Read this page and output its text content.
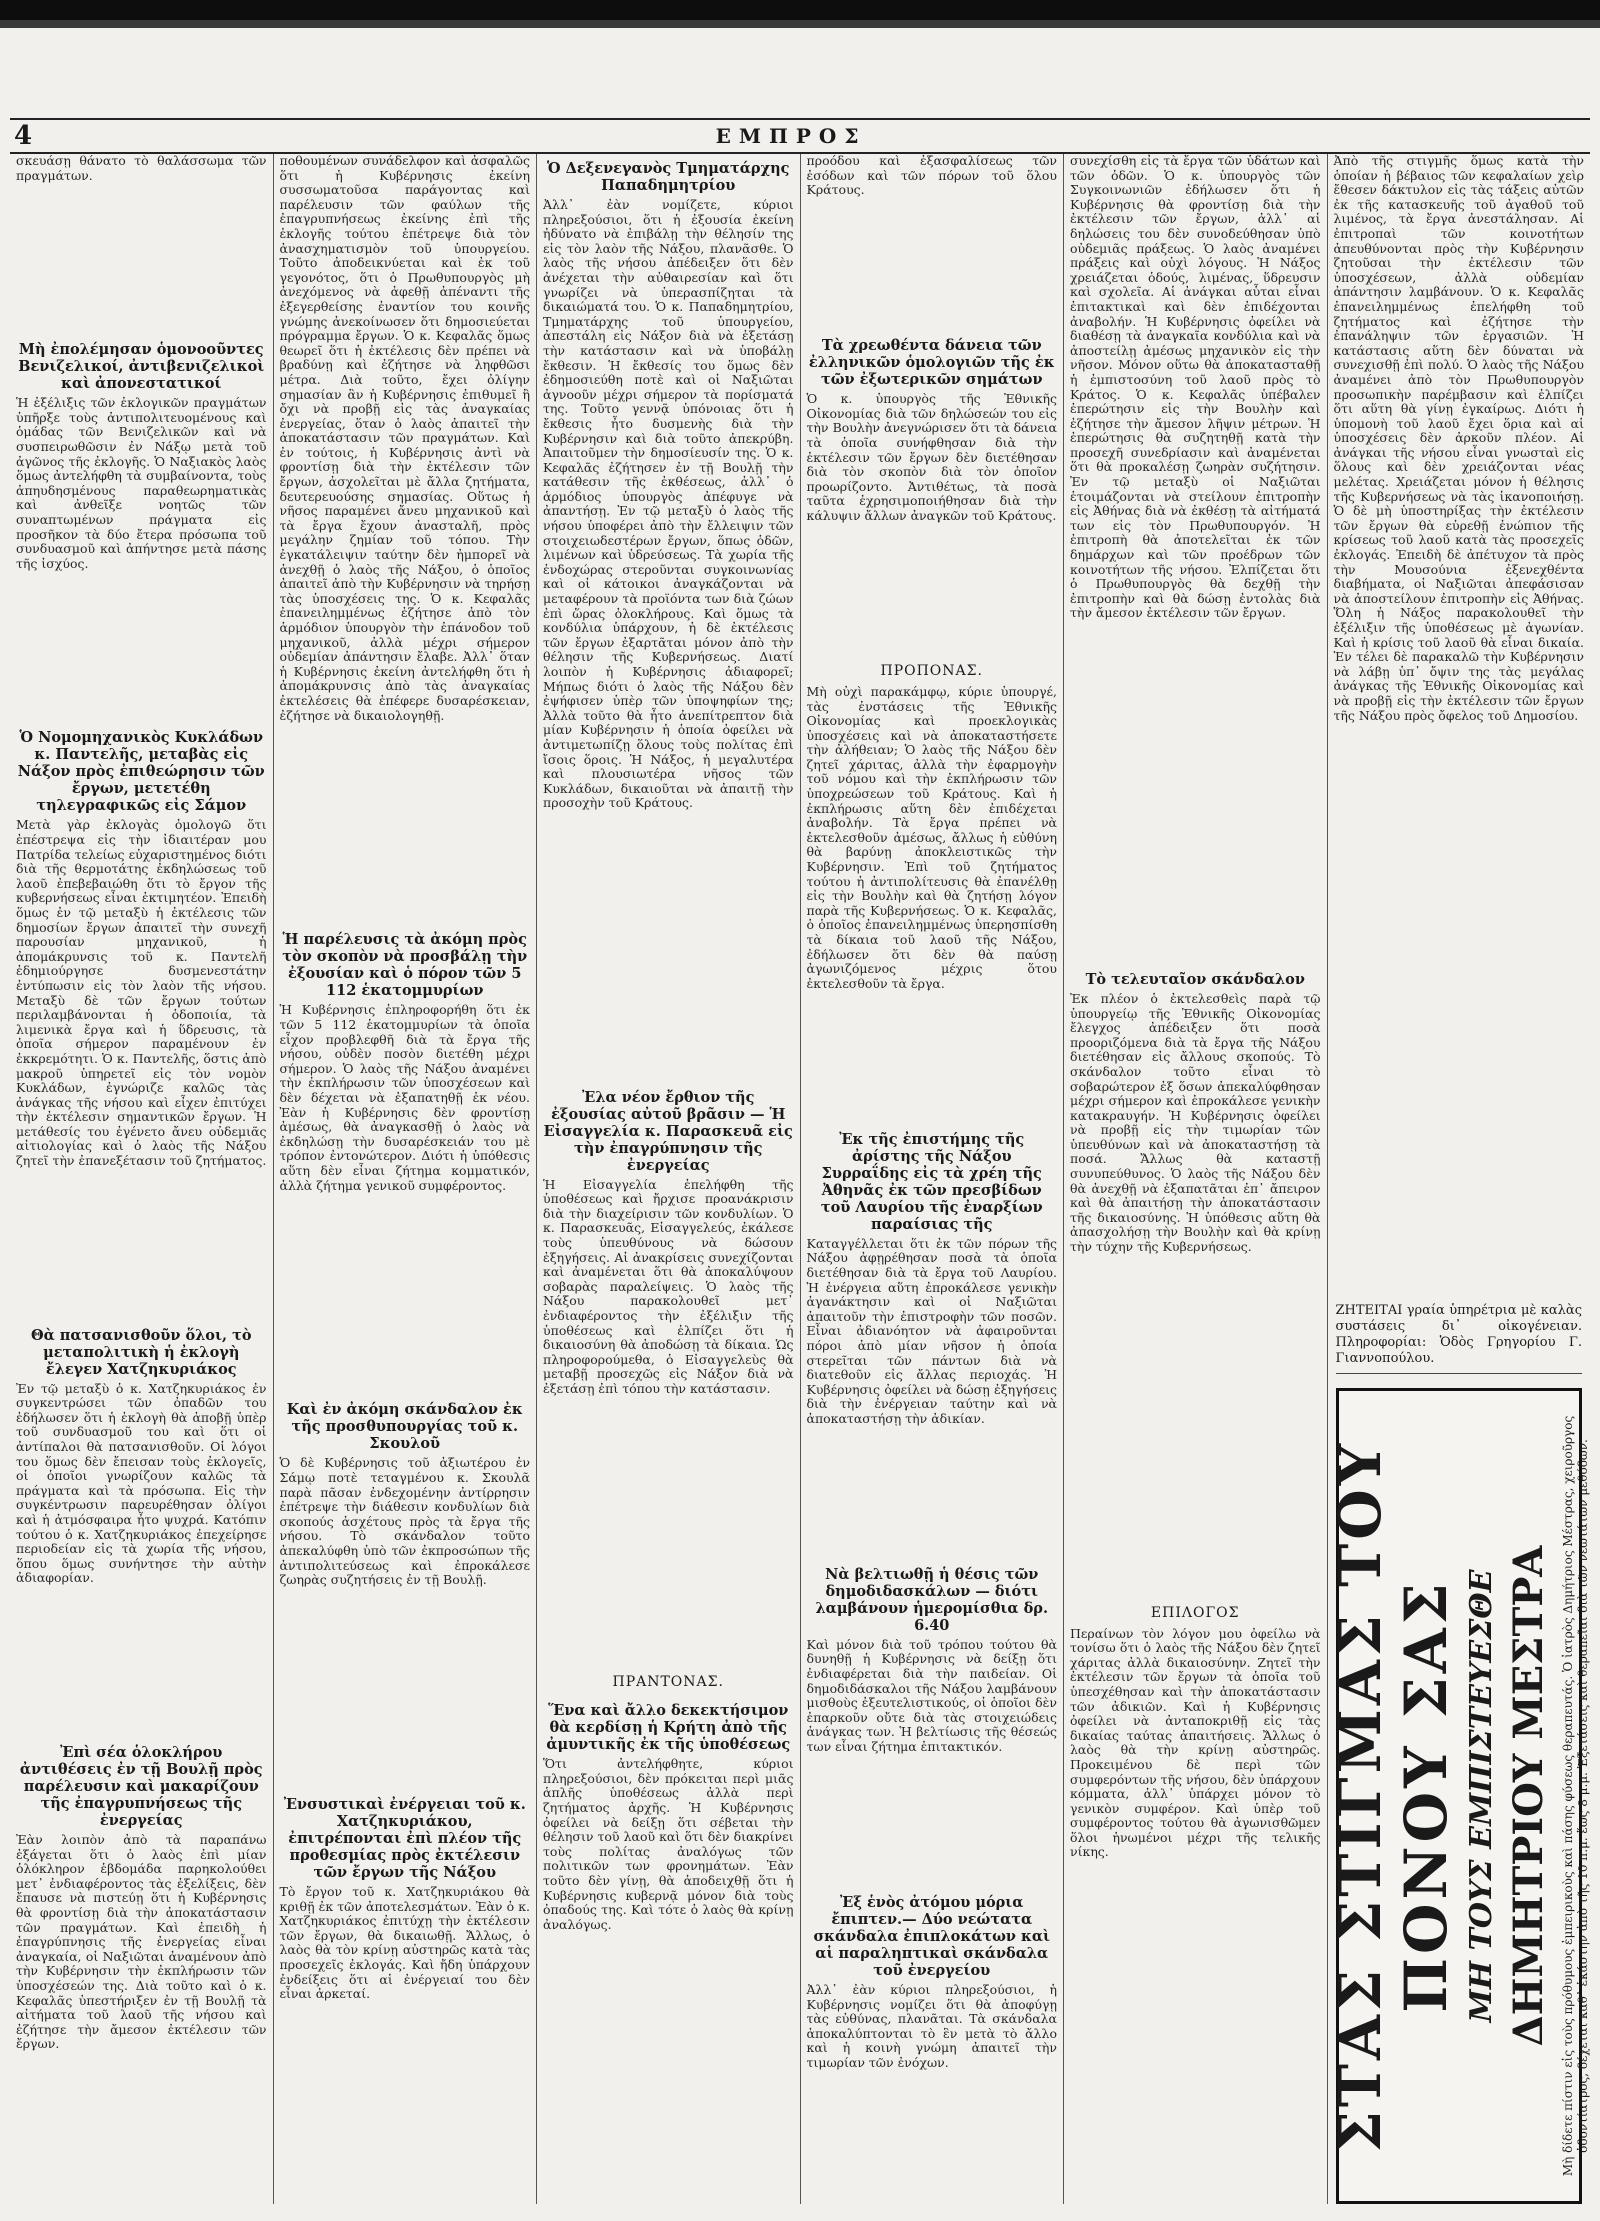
4	ΕΜΠΡΟΣ

σκευάσῃ θάνατο τὸ θαλάσσωμα τῶν πραγμάτων.

Μὴ ἐπολέμησαν ὁμονοοῦντες Βενιζελικοί, ἀντιβενιζελικοὶ καὶ ἀπονεστατικοί

Ἡ ἐξέλιξις τῶν ἐκλογικῶν πραγμάτων ὑπῆρξε τοὺς ἀντιπολιτευομένους καὶ ὁμάδας τῶν Βενιζελικῶν καὶ νὰ συσπειρωθῶσιν ἐν Νάξῳ μετὰ τοῦ ἀγῶνος τῆς ἐκλογῆς. Ὁ Ναξιακὸς λαὸς ὅμως ἀντελήφθη τὰ συμβαίνοντα, τοὺς ἀπηυδησμένους παραθεωρηματικὰς καὶ ἀνθεῖξε νοητῶς τῶν συναπτωμένων πράγματα εἰς προσῆκον τὰ δύο ἔτερα πρόσωπα τοῦ συνδυασμοῦ καὶ ἀπήντησε μετὰ πάσης τῆς ἰσχύος.

Ὁ Νομομηχανικὸς Κυκλάδων κ. Παντελῆς, μεταβὰς εἰς Νάξον πρὸς ἐπιθεώρησιν τῶν ἔργων, μετετέθη τηλεγραφικῶς εἰς Σάμον

Μετὰ γὰρ ἐκλογὰς ὁμολογῶ ὅτι ἐπέστρεψα εἰς τὴν ἰδιαιτέραν μου Πατρίδα τελείως εὐχαριστημένος διότι διὰ τῆς θερμοτάτης ἐκδηλώσεως τοῦ λαοῦ ἐπεβεβαιώθη ὅτι τὸ ἔργον τῆς κυβερνήσεως εἶναι ἐκτιμητέον. Ἐπειδὴ ὅμως ἐν τῷ μεταξὺ ἡ ἐκτέλεσις τῶν δημοσίων ἔργων ἀπαιτεῖ τὴν συνεχῆ παρουσίαν μηχανικοῦ, ἡ ἀπομάκρυνσις τοῦ κ. Παντελῆ ἐδημιούργησε δυσμενεστάτην ἐντύπωσιν εἰς τὸν λαὸν τῆς νήσου. Μεταξὺ δὲ τῶν ἔργων τούτων περιλαμβάνονται ἡ ὁδοποιία, τὰ λιμενικὰ ἔργα καὶ ἡ ὕδρευσις, τὰ ὁποῖα σήμερον παραμένουν ἐν ἐκκρεμότητι. Ὁ κ. Παντελῆς, ὅστις ἀπὸ μακροῦ ὑπηρετεῖ εἰς τὸν νομὸν Κυκλάδων, ἐγνώριζε καλῶς τὰς ἀνάγκας τῆς νήσου καὶ εἶχεν ἐπιτύχει τὴν ἐκτέλεσιν σημαντικῶν ἔργων. Ἡ μετάθεσίς του ἐγένετο ἄνευ οὐδεμιᾶς αἰτιολογίας καὶ ὁ λαὸς τῆς Νάξου ζητεῖ τὴν ἐπανεξέτασιν τοῦ ζητήματος.

Θὰ πατσανισθοῦν ὅλοι, τὸ μεταπολιτικὴ ἡ ἐκλογὴ ἔλεγεν Χατζηκυριάκος

Ἐν τῷ μεταξὺ ὁ κ. Χατζηκυριάκος ἐν συγκεντρώσει τῶν ὀπαδῶν του ἐδήλωσεν ὅτι ἡ ἐκλογὴ θὰ ἀποβῇ ὑπὲρ τοῦ συνδυασμοῦ του καὶ ὅτι οἱ ἀντίπαλοι θὰ πατσανισθοῦν. Οἱ λόγοι του ὅμως δὲν ἔπεισαν τοὺς ἐκλογεῖς, οἱ ὁποῖοι γνωρίζουν καλῶς τὰ πράγματα καὶ τὰ πρόσωπα. Εἰς τὴν συγκέντρωσιν παρευρέθησαν ὀλίγοι καὶ ἡ ἀτμόσφαιρα ἦτο ψυχρά. Κατόπιν τούτου ὁ κ. Χατζηκυριάκος ἐπεχείρησε περιοδείαν εἰς τὰ χωρία τῆς νήσου, ὅπου ὅμως συνήντησε τὴν αὐτὴν ἀδιαφορίαν.

Ἐπὶ σέα ὁλοκλήρου ἀντιθέσεις ἐν τῇ Βουλῇ πρὸς παρέλευσιν καὶ μακαρίζουν τῆς ἐπαγρυπνήσεως τῆς ἐνεργείας

Ἐὰν λοιπὸν ἀπὸ τὰ παραπάνω ἐξάγεται ὅτι ὁ λαὸς ἐπὶ μίαν ὁλόκληρον ἑβδομάδα παρηκολούθει μετ᾿ ἐνδιαφέροντος τὰς ἐξελίξεις, δὲν ἔπαυσε νὰ πιστεύῃ ὅτι ἡ Κυβέρνησις θὰ φροντίσῃ διὰ τὴν ἀποκατάστασιν τῶν πραγμάτων. Καὶ ἐπειδὴ ἡ ἐπαγρύπνησις τῆς ἐνεργείας εἶναι ἀναγκαία, οἱ Ναξιῶται ἀναμένουν ἀπὸ τὴν Κυβέρνησιν τὴν ἐκπλήρωσιν τῶν ὑποσχέσεών της. Διὰ τοῦτο καὶ ὁ κ. Κεφαλᾶς ὑπεστήριξεν ἐν τῇ Βουλῇ τὰ αἰτήματα τοῦ λαοῦ τῆς νήσου καὶ ἐζήτησε τὴν ἄμεσον ἐκτέλεσιν τῶν ἔργων.

ποθουμένων συνάδελφον καὶ ἀσφαλῶς ὅτι ἡ Κυβέρνησις ἐκείνη συσσωματοῦσα παράγοντας καὶ παρέλευσιν τῶν φαύλων τῆς ἐπαγρυπνήσεως ἐκείνης ἐπὶ τῆς ἐκλογῆς τούτου ἐπέτρεψε διὰ τὸν ἀνασχηματισμὸν τοῦ ὑπουργείου. Τοῦτο ἀποδεικνύεται καὶ ἐκ τοῦ γεγονότος, ὅτι ὁ Πρωθυπουργὸς μὴ ἀνεχόμενος νὰ ἀφεθῇ ἀπέναντι τῆς ἐξεγερθείσης ἐναντίον του κοινῆς γνώμης ἀνεκοίνωσεν ὅτι δημοσιεύεται πρόγραμμα ἔργων. Ὁ κ. Κεφαλᾶς ὅμως θεωρεῖ ὅτι ἡ ἐκτέλεσις δὲν πρέπει νὰ βραδύνῃ καὶ ἐζήτησε νὰ ληφθῶσι μέτρα. Διὰ τοῦτο, ἔχει ὀλίγην σημασίαν ἂν ἡ Κυβέρνησις ἐπιθυμεῖ ἢ ὄχι νὰ προβῇ εἰς τὰς ἀναγκαίας ἐνεργείας, ὅταν ὁ λαὸς ἀπαιτεῖ τὴν ἀποκατάστασιν τῶν πραγμάτων. Καὶ ἐν τούτοις, ἡ Κυβέρνησις ἀντὶ νὰ φροντίσῃ διὰ τὴν ἐκτέλεσιν τῶν ἔργων, ἀσχολεῖται μὲ ἄλλα ζητήματα, δευτερευούσης σημασίας. Οὕτως ἡ νῆσος παραμένει ἄνευ μηχανικοῦ καὶ τὰ ἔργα ἔχουν ἀνασταλῆ, πρὸς μεγάλην ζημίαν τοῦ τόπου. Τὴν ἐγκατάλειψιν ταύτην δὲν ἠμπορεῖ νὰ ἀνεχθῇ ὁ λαὸς τῆς Νάξου, ὁ ὁποῖος ἀπαιτεῖ ἀπὸ τὴν Κυβέρνησιν νὰ τηρήσῃ τὰς ὑποσχέσεις της. Ὁ κ. Κεφαλᾶς ἐπανειλημμένως ἐζήτησε ἀπὸ τὸν ἁρμόδιον ὑπουργὸν τὴν ἐπάνοδον τοῦ μηχανικοῦ, ἀλλὰ μέχρι σήμερον οὐδεμίαν ἀπάντησιν ἔλαβε. Ἀλλ᾿ ὅταν ἡ Κυβέρνησις ἐκείνη ἀντελήφθη ὅτι ἡ ἀπομάκρυνσις ἀπὸ τὰς ἀναγκαίας ἐκτελέσεις θὰ ἐπέφερε δυσαρέσκειαν, ἐζήτησε νὰ δικαιολογηθῇ.

Ἡ παρέλευσις τὰ ἀκόμη πρὸς τὸν σκοπὸν νὰ προσβάλῃ τὴν ἐξουσίαν καὶ ὁ πόρον τῶν 5 112 ἑκατομμυρίων

Ἡ Κυβέρνησις ἐπληροφορήθη ὅτι ἐκ τῶν 5 112 ἑκατομμυρίων τὰ ὁποῖα εἶχον προβλεφθῆ διὰ τὰ ἔργα τῆς νήσου, οὐδὲν ποσὸν διετέθη μέχρι σήμερον. Ὁ λαὸς τῆς Νάξου ἀναμένει τὴν ἐκπλήρωσιν τῶν ὑποσχέσεων καὶ δὲν δέχεται νὰ ἐξαπατηθῇ ἐκ νέου. Ἐὰν ἡ Κυβέρνησις δὲν φροντίσῃ ἀμέσως, θὰ ἀναγκασθῇ ὁ λαὸς νὰ ἐκδηλώσῃ τὴν δυσαρέσκειάν του μὲ τρόπον ἐντονώτερον. Διότι ἡ ὑπόθεσις αὕτη δὲν εἶναι ζήτημα κομματικόν, ἀλλὰ ζήτημα γενικοῦ συμφέροντος.

Καὶ ἐν ἀκόμη σκάνδαλον ἐκ τῆς προσθυπουργίας τοῦ κ. Σκουλοῦ

Ὁ δὲ Κυβέρνησις τοῦ ἀξιωτέρου ἐν Σάμῳ ποτὲ τεταγμένου κ. Σκουλᾶ παρὰ πᾶσαν ἐνδεχομένην ἀντίρρησιν ἐπέτρεψε τὴν διάθεσιν κονδυλίων διὰ σκοπούς ἀσχέτους πρὸς τὰ ἔργα τῆς νήσου. Τὸ σκάνδαλον τοῦτο ἀπεκαλύφθη ὑπὸ τῶν ἐκπροσώπων τῆς ἀντιπολιτεύσεως καὶ ἐπροκάλεσε ζωηρὰς συζητήσεις ἐν τῇ Βουλῇ.

Ἐνσυστικαὶ ἐνέργειαι τοῦ κ. Χατζηκυριάκου, ἐπιτρέπονται ἐπὶ πλέον τῆς προθεσμίας πρὸς ἐκτέλεσιν τῶν ἔργων τῆς Νάξου

Τὸ ἔργον τοῦ κ. Χατζηκυριάκου θὰ κριθῇ ἐκ τῶν ἀποτελεσμάτων. Ἐὰν ὁ κ. Χατζηκυριάκος ἐπιτύχῃ τὴν ἐκτέλεσιν τῶν ἔργων, θὰ δικαιωθῇ. Ἄλλως, ὁ λαὸς θὰ τὸν κρίνῃ αὐστηρῶς κατὰ τὰς προσεχεῖς ἐκλογάς. Καὶ ἤδη ὑπάρχουν ἐνδείξεις ὅτι αἱ ἐνέργειαί του δὲν εἶναι ἀρκεταί.

Ὁ Δεξενεγανὸς Τμηματάρχης Παπαδημητρίου

Ἀλλ᾿ ἐὰν νομίζετε, κύριοι πληρεξούσιοι, ὅτι ἡ ἐξουσία ἐκείνη ἠδύνατο νὰ ἐπιβάλῃ τὴν θέλησίν της εἰς τὸν λαὸν τῆς Νάξου, πλανᾶσθε. Ὁ λαὸς τῆς νήσου ἀπέδειξεν ὅτι δὲν ἀνέχεται τὴν αὐθαιρεσίαν καὶ ὅτι γνωρίζει νὰ ὑπερασπίζηται τὰ δικαιώματά του. Ὁ κ. Παπαδημητρίου, Τμηματάρχης τοῦ ὑπουργείου, ἀπεστάλη εἰς Νάξον διὰ νὰ ἐξετάσῃ τὴν κατάστασιν καὶ νὰ ὑποβάλῃ ἔκθεσιν. Ἡ ἔκθεσίς του ὅμως δὲν ἐδημοσιεύθη ποτὲ καὶ οἱ Ναξιῶται ἀγνοοῦν μέχρι σήμερον τὰ πορίσματά της. Τοῦτο γεννᾷ ὑπόνοιας ὅτι ἡ ἔκθεσις ἦτο δυσμενὴς διὰ τὴν Κυβέρνησιν καὶ διὰ τοῦτο ἀπεκρύβη. Ἀπαιτοῦμεν τὴν δημοσίευσίν της. Ὁ κ. Κεφαλᾶς ἐζήτησεν ἐν τῇ Βουλῇ τὴν κατάθεσιν τῆς ἐκθέσεως, ἀλλ᾿ ὁ ἁρμόδιος ὑπουργὸς ἀπέφυγε νὰ ἀπαντήσῃ. Ἐν τῷ μεταξὺ ὁ λαὸς τῆς νήσου ὑποφέρει ἀπὸ τὴν ἔλλειψιν τῶν στοιχειωδεστέρων ἔργων, ὅπως ὁδῶν, λιμένων καὶ ὑδρεύσεως. Τὰ χωρία τῆς ἐνδοχώρας στεροῦνται συγκοινωνίας καὶ οἱ κάτοικοι ἀναγκάζονται νὰ μεταφέρουν τὰ προϊόντα των διὰ ζώων ἐπὶ ὥρας ὁλοκλήρους. Καὶ ὅμως τὰ κονδύλια ὑπάρχουν, ἡ δὲ ἐκτέλεσις τῶν ἔργων ἐξαρτᾶται μόνον ἀπὸ τὴν θέλησιν τῆς Κυβερνήσεως. Διατί λοιπὸν ἡ Κυβέρνησις ἀδιαφορεῖ; Μήπως διότι ὁ λαὸς τῆς Νάξου δὲν ἐψήφισεν ὑπὲρ τῶν ὑποψηφίων της; Ἀλλὰ τοῦτο θὰ ἦτο ἀνεπίτρεπτον διὰ μίαν Κυβέρνησιν ἡ ὁποία ὀφείλει νὰ ἀντιμετωπίζῃ ὅλους τοὺς πολίτας ἐπὶ ἴσοις ὅροις. Ἡ Νάξος, ἡ μεγαλυτέρα καὶ πλουσιωτέρα νῆσος τῶν Κυκλάδων, δικαιοῦται νὰ ἀπαιτῇ τὴν προσοχὴν τοῦ Κράτους.

Ἐλα νέον ἔρθιον τῆς ἐξουσίας αὐτοῦ βρᾶσιν — Ἡ Εἰσαγγελία κ. Παρασκευᾶ εἰς τὴν ἐπαγρύπνησιν τῆς ἐνεργείας

Ἡ Εἰσαγγελία ἐπελήφθη τῆς ὑποθέσεως καὶ ἤρχισε προανάκρισιν διὰ τὴν διαχείρισιν τῶν κονδυλίων. Ὁ κ. Παρασκευᾶς, Εἰσαγγελεύς, ἐκάλεσε τοὺς ὑπευθύνους νὰ δώσουν ἐξηγήσεις. Αἱ ἀνακρίσεις συνεχίζονται καὶ ἀναμένεται ὅτι θὰ ἀποκαλύψουν σοβαρὰς παραλείψεις. Ὁ λαὸς τῆς Νάξου παρακολουθεῖ μετ᾿ ἐνδιαφέροντος τὴν ἐξέλιξιν τῆς ὑποθέσεως καὶ ἐλπίζει ὅτι ἡ δικαιοσύνη θὰ ἀποδώσῃ τὰ δίκαια. Ὡς πληροφορούμεθα, ὁ Εἰσαγγελεὺς θὰ μεταβῇ προσεχῶς εἰς Νάξον διὰ νὰ ἐξετάσῃ ἐπὶ τόπου τὴν κατάστασιν.

ΠΡΑΝΤΟΝΑΣ.
Ἕνα καὶ ἄλλο δεκεκτήσιμον θὰ κερδίσῃ ἡ Κρήτη ἀπὸ τῆς ἀμυντικῆς ἐκ τῆς ὑποθέσεως

Ὅτι ἀντελήφθητε, κύριοι πληρεξούσιοι, δὲν πρόκειται περὶ μιᾶς ἁπλῆς ὑποθέσεως ἀλλὰ περὶ ζητήματος ἀρχῆς. Ἡ Κυβέρνησις ὀφείλει νὰ δείξῃ ὅτι σέβεται τὴν θέλησιν τοῦ λαοῦ καὶ ὅτι δὲν διακρίνει τοὺς πολίτας ἀναλόγως τῶν πολιτικῶν των φρονημάτων. Ἐὰν τοῦτο δὲν γίνῃ, θὰ ἀποδειχθῇ ὅτι ἡ Κυβέρνησις κυβερνᾷ μόνον διὰ τοὺς ὀπαδούς της. Καὶ τότε ὁ λαὸς θὰ κρίνῃ ἀναλόγως.

προόδου καὶ ἐξασφαλίσεως τῶν ἐσόδων καὶ τῶν πόρων τοῦ ὅλου Κράτους.

Τὰ χρεωθέντα δάνεια τῶν ἐλληνικῶν ὁμολογιῶν τῆς ἐκ τῶν ἐξωτερικῶν σημάτων

Ὁ κ. ὑπουργὸς τῆς Ἐθνικῆς Οἰκονομίας διὰ τῶν δηλώσεών του εἰς τὴν Βουλὴν ἀνεγνώρισεν ὅτι τὰ δάνεια τὰ ὁποῖα συνήφθησαν διὰ τὴν ἐκτέλεσιν τῶν ἔργων δὲν διετέθησαν διὰ τὸν σκοπὸν διὰ τὸν ὁποῖον προωρίζοντο. Ἀντιθέτως, τὰ ποσὰ ταῦτα ἐχρησιμοποιήθησαν διὰ τὴν κάλυψιν ἄλλων ἀναγκῶν τοῦ Κράτους.

ΠΡΟΠΟΝΑΣ.

Μὴ οὐχὶ παρακάμφῳ, κύριε ὑπουργέ, τὰς ἐνστάσεις τῆς Ἐθνικῆς Οἰκονομίας καὶ προεκλογικὰς ὑποσχέσεις καὶ νὰ ἀποκαταστήσετε τὴν ἀλήθειαν; Ὁ λαὸς τῆς Νάξου δὲν ζητεῖ χάριτας, ἀλλὰ τὴν ἐφαρμογὴν τοῦ νόμου καὶ τὴν ἐκπλήρωσιν τῶν ὑποχρεώσεων τοῦ Κράτους. Καὶ ἡ ἐκπλήρωσις αὕτη δὲν ἐπιδέχεται ἀναβολήν. Τὰ ἔργα πρέπει νὰ ἐκτελεσθοῦν ἀμέσως, ἄλλως ἡ εὐθύνη θὰ βαρύνῃ ἀποκλειστικῶς τὴν Κυβέρνησιν. Ἐπὶ τοῦ ζητήματος τούτου ἡ ἀντιπολίτευσις θὰ ἐπανέλθῃ εἰς τὴν Βουλὴν καὶ θὰ ζητήσῃ λόγον παρὰ τῆς Κυβερνήσεως. Ὁ κ. Κεφαλᾶς, ὁ ὁποῖος ἐπανειλημμένως ὑπερησπίσθη τὰ δίκαια τοῦ λαοῦ τῆς Νάξου, ἐδήλωσεν ὅτι δὲν θὰ παύσῃ ἀγωνιζόμενος μέχρις ὅτου ἐκτελεσθοῦν τὰ ἔργα.

Ἐκ τῆς ἐπιστήμης τῆς ἀρίστης τῆς Νάξου Συρραΐδης εἰς τὰ χρέη τῆς Ἀθηνᾶς ἐκ τῶν πρεσβίδων τοῦ Λαυρίου τῆς ἐναρξίων παραίσιας τῆς

Καταγγέλλεται ὅτι ἐκ τῶν πόρων τῆς Νάξου ἀφῃρέθησαν ποσὰ τὰ ὁποῖα διετέθησαν διὰ τὰ ἔργα τοῦ Λαυρίου. Ἡ ἐνέργεια αὕτη ἐπροκάλεσε γενικὴν ἀγανάκτησιν καὶ οἱ Ναξιῶται ἀπαιτοῦν τὴν ἐπιστροφὴν τῶν ποσῶν. Εἶναι ἀδιανόητον νὰ ἀφαιροῦνται πόροι ἀπὸ μίαν νῆσον ἡ ὁποία στερεῖται τῶν πάντων διὰ νὰ διατεθοῦν εἰς ἄλλας περιοχάς. Ἡ Κυβέρνησις ὀφείλει νὰ δώσῃ ἐξηγήσεις διὰ τὴν ἐνέργειαν ταύτην καὶ νὰ ἀποκαταστήσῃ τὴν ἀδικίαν.

Νὰ βελτιωθῇ ἡ θέσις τῶν δημοδιδασκάλων — διότι λαμβάνουν ἡμερομίσθια δρ. 6.40

Καὶ μόνον διὰ τοῦ τρόπου τούτου θὰ δυνηθῇ ἡ Κυβέρνησις νὰ δείξῃ ὅτι ἐνδιαφέρεται διὰ τὴν παιδείαν. Οἱ δημοδιδάσκαλοι τῆς Νάξου λαμβάνουν μισθοὺς ἐξευτελιστικούς, οἱ ὁποῖοι δὲν ἐπαρκοῦν οὔτε διὰ τὰς στοιχειώδεις ἀνάγκας των. Ἡ βελτίωσις τῆς θέσεώς των εἶναι ζήτημα ἐπιτακτικόν.

Ἐξ ἑνὸς ἀτόμου μόρια ἔπιπτεν.— Δύο νεώτατα σκάνδαλα ἐπιπλοκάτων καὶ αἱ παραληπτικαὶ σκάνδαλα τοῦ ἐνεργείου

Ἀλλ᾿ ἐὰν κύριοι πληρεξούσιοι, ἡ Κυβέρνησις νομίζει ὅτι θὰ ἀποφύγῃ τὰς εὐθύνας, πλανᾶται. Τὰ σκάνδαλα ἀποκαλύπτονται τὸ ἓν μετὰ τὸ ἄλλο καὶ ἡ κοινὴ γνώμη ἀπαιτεῖ τὴν τιμωρίαν τῶν ἐνόχων.

συνεχίσθη εἰς τὰ ἔργα τῶν ὑδάτων καὶ τῶν ὁδῶν. Ὁ κ. ὑπουργὸς τῶν Συγκοινωνιῶν ἐδήλωσεν ὅτι ἡ Κυβέρνησις θὰ φροντίσῃ διὰ τὴν ἐκτέλεσιν τῶν ἔργων, ἀλλ᾿ αἱ δηλώσεις του δὲν συνοδεύθησαν ὑπὸ οὐδεμιᾶς πράξεως. Ὁ λαὸς ἀναμένει πράξεις καὶ οὐχὶ λόγους. Ἡ Νάξος χρειάζεται ὁδούς, λιμένας, ὕδρευσιν καὶ σχολεῖα. Αἱ ἀνάγκαι αὗται εἶναι ἐπιτακτικαὶ καὶ δὲν ἐπιδέχονται ἀναβολήν. Ἡ Κυβέρνησις ὀφείλει νὰ διαθέσῃ τὰ ἀναγκαῖα κονδύλια καὶ νὰ ἀποστείλῃ ἀμέσως μηχανικὸν εἰς τὴν νῆσον. Μόνον οὕτω θὰ ἀποκατασταθῇ ἡ ἐμπιστοσύνη τοῦ λαοῦ πρὸς τὸ Κράτος. Ὁ κ. Κεφαλᾶς ὑπέβαλεν ἐπερώτησιν εἰς τὴν Βουλὴν καὶ ἐζήτησε τὴν ἄμεσον λῆψιν μέτρων. Ἡ ἐπερώτησις θὰ συζητηθῇ κατὰ τὴν προσεχῆ συνεδρίασιν καὶ ἀναμένεται ὅτι θὰ προκαλέσῃ ζωηρὰν συζήτησιν. Ἐν τῷ μεταξὺ οἱ Ναξιῶται ἑτοιμάζονται νὰ στείλουν ἐπιτροπὴν εἰς Ἀθήνας διὰ νὰ ἐκθέσῃ τὰ αἰτήματά των εἰς τὸν Πρωθυπουργόν. Ἡ ἐπιτροπὴ θὰ ἀποτελεῖται ἐκ τῶν δημάρχων καὶ τῶν προέδρων τῶν κοινοτήτων τῆς νήσου. Ἐλπίζεται ὅτι ὁ Πρωθυπουργὸς θὰ δεχθῇ τὴν ἐπιτροπὴν καὶ θὰ δώσῃ ἐντολὰς διὰ τὴν ἄμεσον ἐκτέλεσιν τῶν ἔργων.

Τὸ τελευταῖον σκάνδαλον

Ἐκ πλέον ὁ ἐκτελεσθεὶς παρὰ τῷ ὑπουργείῳ τῆς Ἐθνικῆς Οἰκονομίας ἔλεγχος ἀπέδειξεν ὅτι ποσὰ προοριζόμενα διὰ τὰ ἔργα τῆς Νάξου διετέθησαν εἰς ἄλλους σκοπούς. Τὸ σκάνδαλον τοῦτο εἶναι τὸ σοβαρώτερον ἐξ ὅσων ἀπεκαλύφθησαν μέχρι σήμερον καὶ ἐπροκάλεσε γενικὴν κατακραυγήν. Ἡ Κυβέρνησις ὀφείλει νὰ προβῇ εἰς τὴν τιμωρίαν τῶν ὑπευθύνων καὶ νὰ ἀποκαταστήσῃ τὰ ποσά. Ἄλλως θὰ καταστῇ συνυπεύθυνος. Ὁ λαὸς τῆς Νάξου δὲν θὰ ἀνεχθῇ νὰ ἐξαπατᾶται ἐπ᾿ ἄπειρον καὶ θὰ ἀπαιτήσῃ τὴν ἀποκατάστασιν τῆς δικαιοσύνης. Ἡ ὑπόθεσις αὕτη θὰ ἀπασχολήσῃ τὴν Βουλὴν καὶ θὰ κρίνῃ τὴν τύχην τῆς Κυβερνήσεως.

ΕΠΙΛΟΓΟΣ

Περαίνων τὸν λόγον μου ὀφείλω νὰ τονίσω ὅτι ὁ λαὸς τῆς Νάξου δὲν ζητεῖ χάριτας ἀλλὰ δικαιοσύνην. Ζητεῖ τὴν ἐκτέλεσιν τῶν ἔργων τὰ ὁποῖα τοῦ ὑπεσχέθησαν καὶ τὴν ἀποκατάστασιν τῶν ἀδικιῶν. Καὶ ἡ Κυβέρνησις ὀφείλει νὰ ἀνταποκριθῇ εἰς τὰς δικαίας ταύτας ἀπαιτήσεις. Ἄλλως ὁ λαὸς θὰ τὴν κρίνῃ αὐστηρῶς. Προκειμένου δὲ περὶ τῶν συμφερόντων τῆς νήσου, δὲν ὑπάρχουν κόμματα, ἀλλ᾿ ὑπάρχει μόνον τὸ γενικὸν συμφέρον. Καὶ ὑπὲρ τοῦ συμφέροντος τούτου θὰ ἀγωνισθῶμεν ὅλοι ἡνωμένοι μέχρι τῆς τελικῆς νίκης.

Ἀπὸ τῆς στιγμῆς ὅμως κατὰ τὴν ὁποίαν ἡ βέβαιος τῶν κεφαλαίων χεὶρ ἔθεσεν δάκτυλον εἰς τὰς τάξεις αὐτῶν ἐκ τῆς κατασκευῆς τοῦ ἀγαθοῦ τοῦ λιμένος, τὰ ἔργα ἀνεστάλησαν. Αἱ ἐπιτροπαὶ τῶν κοινοτήτων ἀπευθύνονται πρὸς τὴν Κυβέρνησιν ζητοῦσαι τὴν ἐκτέλεσιν τῶν ὑποσχέσεων, ἀλλὰ οὐδεμίαν ἀπάντησιν λαμβάνουν. Ὁ κ. Κεφαλᾶς ἐπανειλημμένως ἐπελήφθη τοῦ ζητήματος καὶ ἐζήτησε τὴν ἐπανάληψιν τῶν ἐργασιῶν. Ἡ κατάστασις αὕτη δὲν δύναται νὰ συνεχισθῇ ἐπὶ πολύ. Ὁ λαὸς τῆς Νάξου ἀναμένει ἀπὸ τὸν Πρωθυπουργὸν προσωπικὴν παρέμβασιν καὶ ἐλπίζει ὅτι αὕτη θὰ γίνῃ ἐγκαίρως. Διότι ἡ ὑπομονὴ τοῦ λαοῦ ἔχει ὅρια καὶ αἱ ὑποσχέσεις δὲν ἀρκοῦν πλέον. Αἱ ἀνάγκαι τῆς νήσου εἶναι γνωσταὶ εἰς ὅλους καὶ δὲν χρειάζονται νέας μελέτας. Χρειάζεται μόνον ἡ θέλησις τῆς Κυβερνήσεως νὰ τὰς ἱκανοποιήσῃ. Ὁ δὲ μὴ ὑποστηρίξας τὴν ἐκτέλεσιν τῶν ἔργων θὰ εὑρεθῇ ἐνώπιον τῆς κρίσεως τοῦ λαοῦ κατὰ τὰς προσεχεῖς ἐκλογάς. Ἐπειδὴ δὲ ἀπέτυχον τὰ πρὸς τὴν Μουσούνια ἐξενεχθέντα διαβήματα, οἱ Ναξιῶται ἀπεφάσισαν νὰ ἀποστείλουν ἐπιτροπὴν εἰς Ἀθήνας. Ὅλη ἡ Νάξος παρακολουθεῖ τὴν ἐξέλιξιν τῆς ὑποθέσεως μὲ ἀγωνίαν. Καὶ ἡ κρίσις τοῦ λαοῦ θὰ εἶναι δικαία. Ἐν τέλει δὲ παρακαλῶ τὴν Κυβέρνησιν νὰ λάβῃ ὑπ᾿ ὄψιν της τὰς μεγάλας ἀνάγκας τῆς Ἐθνικῆς Οἰκονομίας καὶ νὰ προβῇ εἰς τὴν ἐκτέλεσιν τῶν ἔργων τῆς Νάξου πρὸς ὄφελος τοῦ Δημοσίου.

ΖΗΤΕΙΤΑΙ γραία ὑπηρέτρια μὲ καλὰς συστάσεις δι᾿ οἰκογένειαν. Πληροφορίαι: Ὁδὸς Γρηγορίου Γ. Γιαννοπούλου.
ΣΤΑΣ ΣΤΙΓΜΑΣ ΤΟΥ ΠΟΝΟΥ ΣΑΣ ΜΗ ΤΟΥΣ ΕΜΠΙΣΤΕΥΕΣΘΕ ΔΗΜΗΤΡΙΟΥ ΜΕΣΤΡΑ Μὴ δίδετε πίστιν εἰς τοὺς πρόθυμους ἐμπειρικοὺς καὶ πάσης φύσεως θεραπευτάς. Ὁ ἰατρὸς Δημήτριος Μέστρας, χειροῦργος ὀδοντίατρος, δέχεται καθ᾿ ἑκάστην ἀπὸ τῆς 10 π.μ. ἕως 8 μ.μ. Ἐξετάσεις καὶ θεραπεῖαι διὰ τῶν νεωτάτων μεθόδων.
